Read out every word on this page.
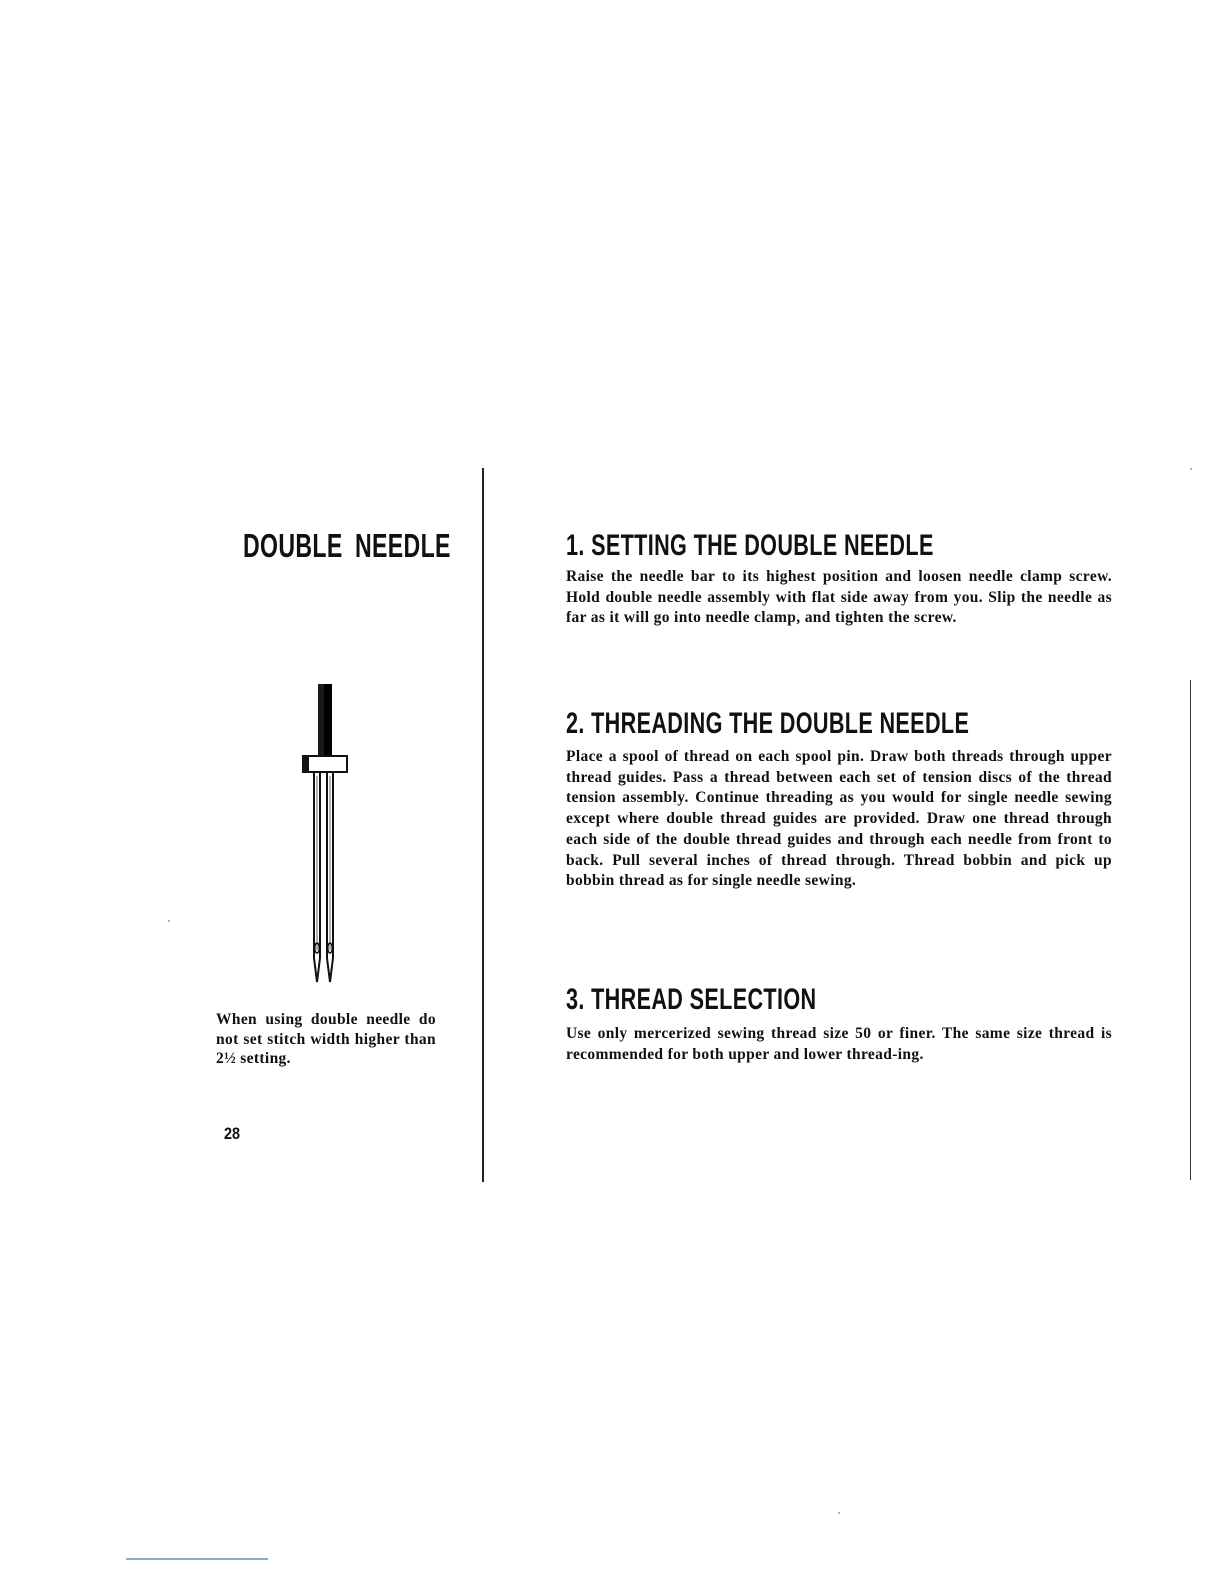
DOUBLE NEEDLE

When using double needle do not set stitch width higher than 2½ setting.

28

1. SETTING THE DOUBLE NEEDLE

Raise the needle bar to its highest position and loosen needle clamp screw. Hold double needle assembly with flat side away from you. Slip the needle as far as it will go into needle clamp, and tighten the screw.

2. THREADING THE DOUBLE NEEDLE

Place a spool of thread on each spool pin. Draw both threads through upper thread guides. Pass a thread between each set of tension discs of the thread tension assembly. Continue threading as you would for single needle sewing except where double thread guides are provided. Draw one thread through each side of the double thread guides and through each needle from front to back. Pull several inches of thread through. Thread bobbin and pick up bobbin thread as for single needle sewing.

3. THREAD SELECTION

Use only mercerized sewing thread size 50 or finer. The same size thread is recommended for both upper and lower thread-ing.
